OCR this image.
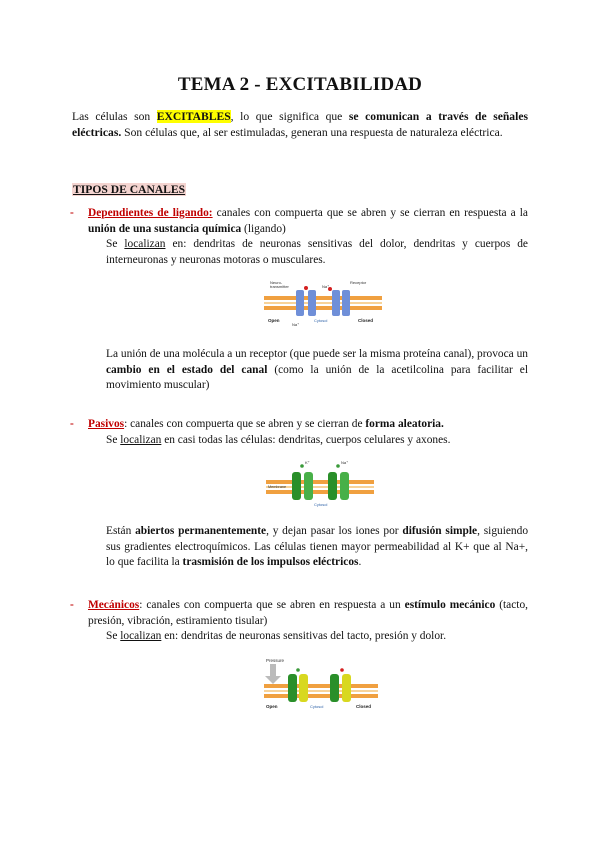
TEMA 2 - EXCITABILIDAD
Las células son EXCITABLES, lo que significa que se comunican a través de señales eléctricas. Son células que, al ser estimuladas, generan una respuesta de naturaleza eléctrica.
TIPOS DE CANALES
- Dependientes de ligando: canales con compuerta que se abren y se cierran en respuesta a la unión de una sustancia química (ligando)
Se localizan en: dendritas de neuronas sensitivas del dolor, dendritas y cuerpos de interneuronas y neuronas motoras o musculares.
Neuro-
transmitter
Receptor
Na⁺
Na⁺
Open	Cytosol	Closed
La unión de una molécula a un receptor (que puede ser la misma proteína canal), provoca un cambio en el estado del canal (como la unión de la acetilcolina para facilitar el movimiento muscular)
- Pasivos: canales con compuerta que se abren y se cierran de forma aleatoria.
Se localizan en casi todas las células: dendritas, cuerpos celulares y axones.
K⁺	Na⁺
Membrane
Cytosol
Están abiertos permanentemente, y dejan pasar los iones por difusión simple, siguiendo sus gradientes electroquímicos. Las células tienen mayor permeabilidad al K+ que al Na+, lo que facilita la trasmisión de los impulsos eléctricos.
- Mecánicos: canales con compuerta que se abren en respuesta a un estímulo mecánico (tacto, presión, vibración, estiramiento tisular)
Se localizan en: dendritas de neuronas sensitivas del tacto, presión y dolor.
Pressure
Open	Cytosol	Closed
